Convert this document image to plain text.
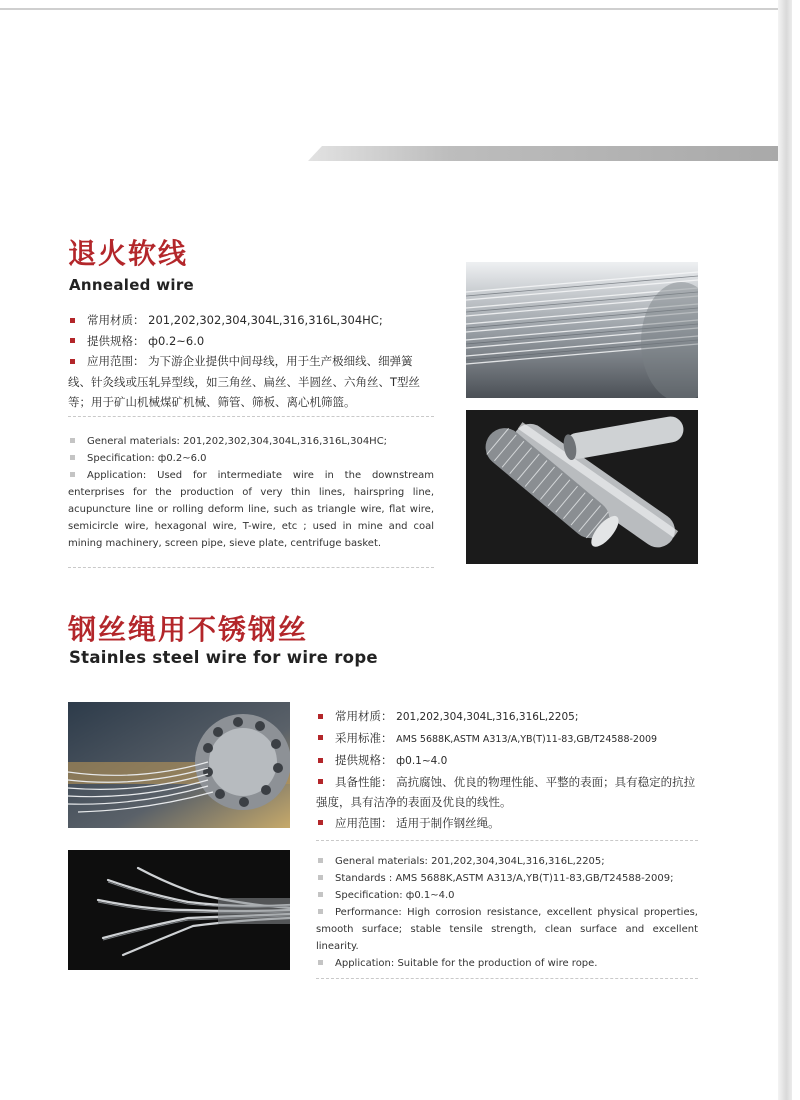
退火软线
Annealed wire
常用材质： 201,202,302,304,304L,316,316L,304HC;
提供规格： ф0.2~6.0
应用范围： 为下游企业提供中间母线，用于生产极细线、细弹簧线、针灸线或压轧异型线，如三角丝、扁丝、半圆丝、六角丝、T型丝等；用于矿山机械煤矿机械、筛管、筛板、离心机筛篮。
General materials: 201,202,302,304,304L,316,316L,304HC;
Specification: ф0.2~6.0
Application: Used for intermediate wire in the downstream enterprises for the production of very thin lines, hairspring line, acupuncture line or rolling deform line, such as triangle wire, flat wire, semicircle wire, hexagonal wire, T-wire, etc ; used in mine and coal mining machinery, screen pipe, sieve plate, centrifuge basket.
钢丝绳用不锈钢丝
Stainles steel wire for wire rope
常用材质： 201,202,304,304L,316,316L,2205;
采用标准： AMS 5688K,ASTM A313/A,YB(T)11-83,GB/T24588-2009
提供规格： ф0.1~4.0
具备性能： 高抗腐蚀、优良的物理性能、平整的表面；具有稳定的抗拉强度，具有洁净的表面及优良的线性。
应用范围： 适用于制作钢丝绳。
General materials: 201,202,304,304L,316,316L,2205;
Standards : AMS 5688K,ASTM A313/A,YB(T)11-83,GB/T24588-2009;
Specification: ф0.1~4.0
Performance: High corrosion resistance, excellent physical properties, smooth surface; stable tensile strength, clean surface and excellent linearity.
Application: Suitable for the production of wire rope.
